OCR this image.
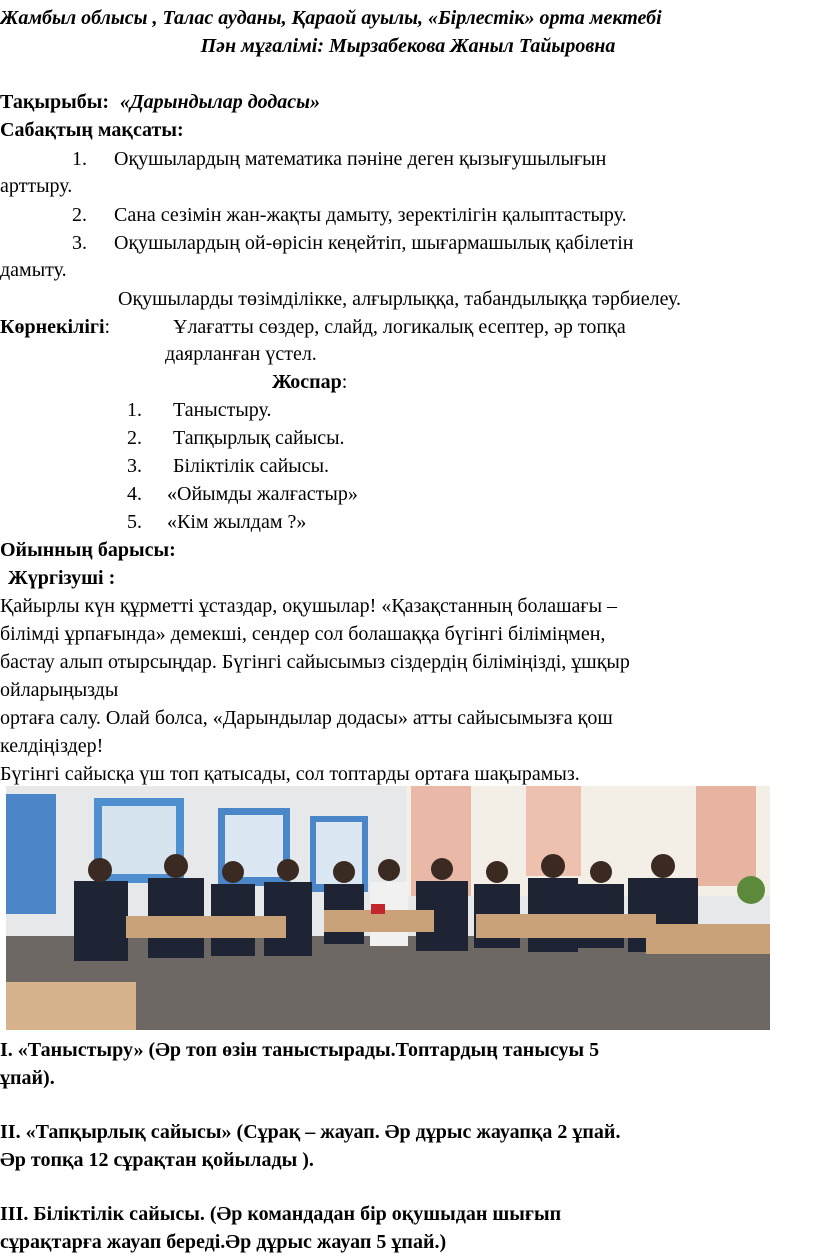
Жамбыл облысы , Талас ауданы, Қараой ауылы, «Бірлестік» орта мектебі
Пән мұғалімі: Мырзабекова Жаныл Тайыровна
Тақырыбы: «Дарындылар додасы»
Сабақтың мақсаты:
1. Оқушылардың математика пәніне деген қызығушылығын
арттыру.
2. Сана сезімін жан-жақты дамыту, зеректілігін қалыптастыру.
3. Оқушылардың ой-өрісін кеңейтіп, шығармашылық қабілетін
дамыту.
Оқушыларды төзімділікке, алғырлыққа, табандылыққа тәрбиелеу.
Көрнекілігі:	Ұлағатты сөздер, слайд, логикалық есептер, әр топқа
даярланған үстел.
Жоспар:
1. Таныстыру.
2. Тапқырлық сайысы.
3. Біліктілік сайысы.
4. «Ойымды жалғастыр»
5. «Кім жылдам ?»
Ойынның барысы:
Жүргізуші :
Қайырлы күн құрметті ұстаздар, оқушылар! «Қазақстанның болашағы –
білімді ұрпағында» демекші, сендер сол болашаққа бүгінгі біліміңмен,
бастау алып отырсыңдар. Бүгінгі сайысымыз сіздердің біліміңізді, ұшқыр
ойларыңызды
ортаға салу. Олай болса, «Дарындылар додасы» атты сайысымызға қош
келдіңіздер!
Бүгінгі сайысқа үш топ қатысады, сол топтарды ортаға шақырамыз.
І. «Таныстыру» (Әр топ өзін таныстырады.Топтардың танысуы 5
ұпай).
ІІ. «Тапқырлық сайысы» (Сұрақ – жауап. Әр дұрыс жауапқа 2 ұпай.
Әр топқа 12 сұрақтан қойылады ).
ІІІ. Біліктілік сайысы. (Әр командадан бір оқушыдан шығып
сұрақтарға жауап береді.Әр дұрыс жауап 5 ұпай.)
